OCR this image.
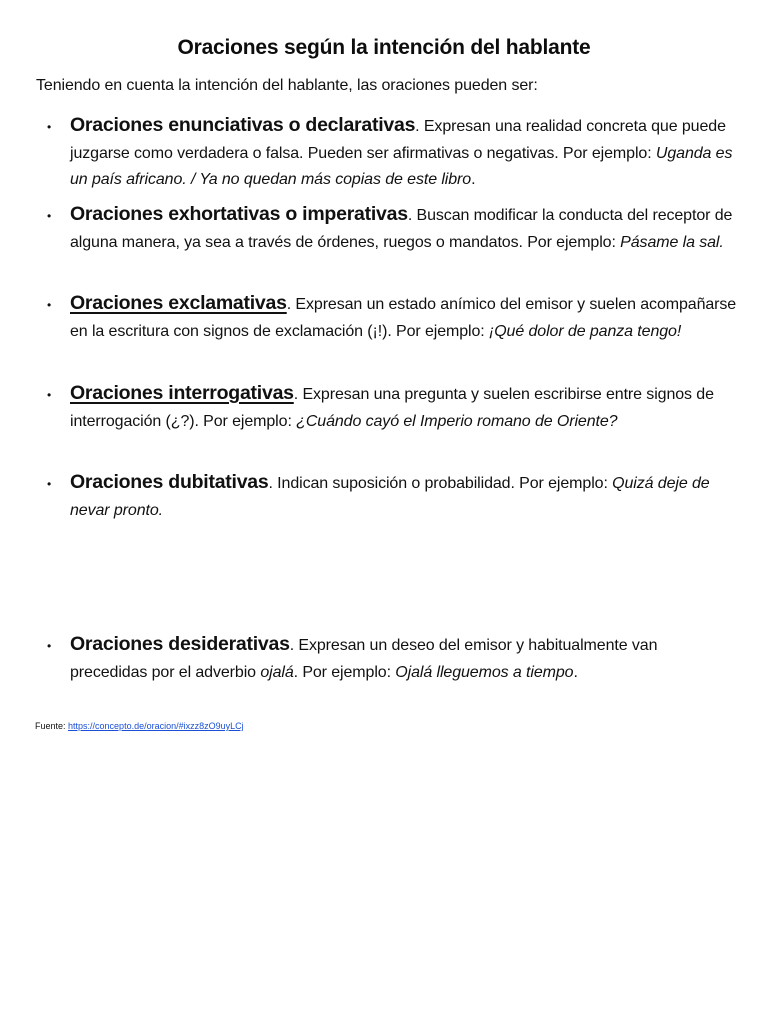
Oraciones según la intención del hablante
Teniendo en cuenta la intención del hablante, las oraciones pueden ser:
• Oraciones enunciativas o declarativas. Expresan una realidad concreta que puede juzgarse como verdadera o falsa. Pueden ser afirmativas o negativas. Por ejemplo: Uganda es un país africano. / Ya no quedan más copias de este libro.
• Oraciones exhortativas o imperativas. Buscan modificar la conducta del receptor de alguna manera, ya sea a través de órdenes, ruegos o mandatos. Por ejemplo: Pásame la sal.
• Oraciones exclamativas. Expresan un estado anímico del emisor y suelen acompañarse en la escritura con signos de exclamación (¡!). Por ejemplo: ¡Qué dolor de panza tengo!
• Oraciones interrogativas. Expresan una pregunta y suelen escribirse entre signos de interrogación (¿?). Por ejemplo: ¿Cuándo cayó el Imperio romano de Oriente?
• Oraciones dubitativas. Indican suposición o probabilidad. Por ejemplo: Quizá deje de nevar pronto.
• Oraciones desiderativas. Expresan un deseo del emisor y habitualmente van precedidas por el adverbio ojalá. Por ejemplo: Ojalá lleguemos a tiempo.
Fuente: https://concepto.de/oracion/#ixzz8zO9uyLCj
